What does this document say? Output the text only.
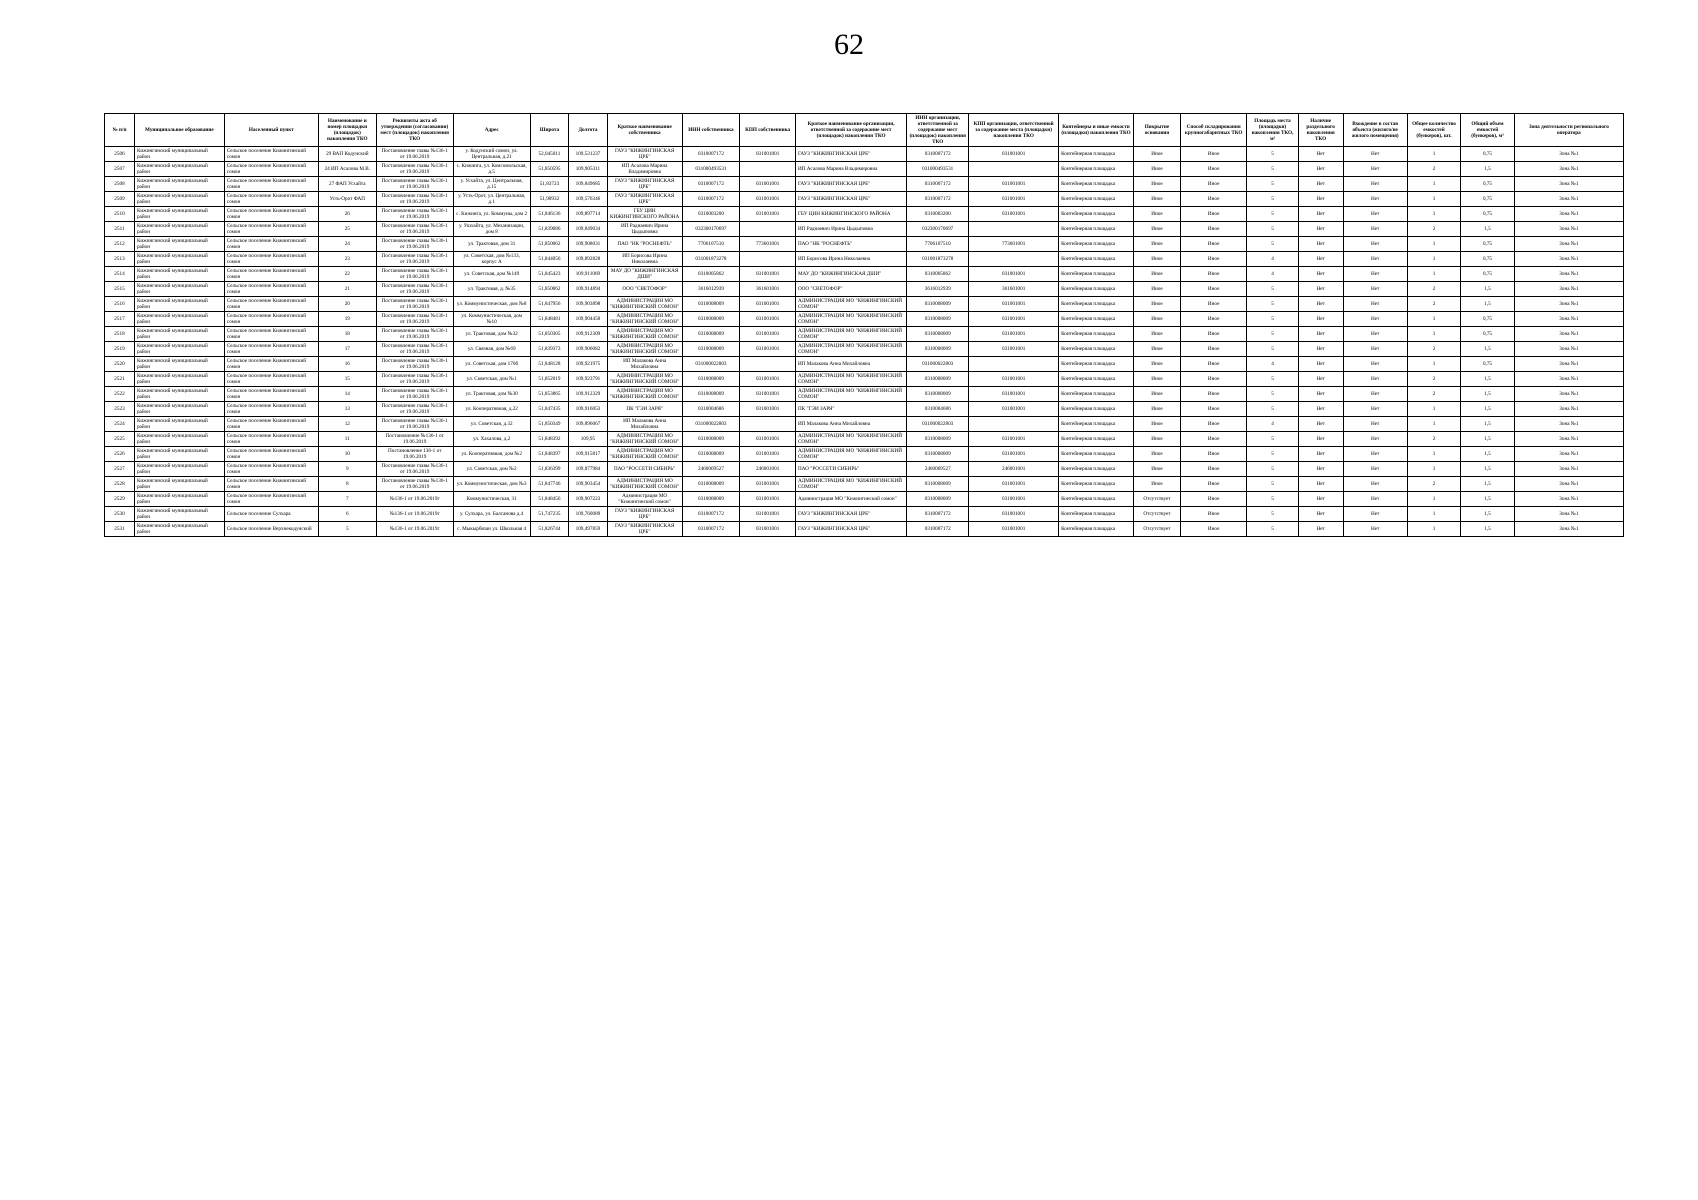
62
№ п/п	Муниципальное образование	Населенный пункт	Наименование и номер площадки (площадок) накопления ТКО	Реквизиты акта об утверждении (согласовании) мест (площадок) накопления ТКО	Адрес	Широта	Долгота	Краткое наименование собственника	ИНН собственника	КПП собственника	Краткое наименование организации, ответственной за содержание мест (площадок) накопления ТКО	ИНН организации, ответственной за содержание мест (площадок) накопления ТКО	КПП организации, ответственной за содержание места (площадки) накопления ТКО	Контейнеры и иные емкости (площадки) накопления ТКО	Покрытие основания	Способ складирования крупногабаритных ТКО	Площадь места (площадки) накопления ТКО, м²	Наличие раздельного накопления ТКО	Вхождение в состав объекта (жилого/не жилого помещения)	Общее количество емкостей (бункеров), шт.	Общий объем емкостей (бункеров), м³	Зона деятельности регионального оператора
2506	Кижингинский муниципальный район	Сельское поселение Кижингинский сомон	29 ВАП Кодунский	Постановление главы №136-1 от 19.06.2019	у. Кодунский сомон, ул. Центральная, д.21	52,045011	109,531237	ГАУЗ "КИЖИНГИНСКАЯ ЦРБ"	0310007172	031001001	ГАУЗ "КИЖИНГИНСКАЯ ЦРБ"	0310007172	031001001	Контейнерная площадка	Иное	Иное	5	Нет	Нет	1	0,75	Зона №1
2507	Кижингинский муниципальный район	Сельское поселение Кижингинский сомон	24 ИП Асалова М.В.	Постановление главы №136-1 от 19.06.2019	с. Кижинга, ул. Комсомольская, д.5	51,850595	109,905311	ИП Асалова Марина Владимировна	031000493531		ИП Асалова Марина Владимировна	031000493531		Контейнерная площадка	Иное	Иное	5	Нет	Нет	2	1,5	Зона №1
2508	Кижингинский муниципальный район	Сельское поселение Кижингинский сомон	27 ФАП Усхайта	Постановление главы №136-1 от 19.06.2019	у. Усхайта, ул. Центральная, д.15	51,83723	109,849685	ГАУЗ "КИЖИНГИНСКАЯ ЦРБ"	0310007172	031001001	ГАУЗ "КИЖИНГИНСКАЯ ЦРБ"	0310007172	031001001	Контейнерная площадка	Иное	Иное	5	Нет	Нет	1	0,75	Зона №1
2509	Кижингинский муниципальный район	Сельское поселение Кижингинский сомон	Усть-Орот ФАП	Постановление главы №136-1 от 19.06.2019	у. Усть-Орот, ул. Центральная, д.1	51,90932	109,576346	ГАУЗ "КИЖИНГИНСКАЯ ЦРБ"	0310007172	031001001	ГАУЗ "КИЖИНГИНСКАЯ ЦРБ"	0310007172	031001001	Контейнерная площадка	Иное	Иное	5	Нет	Нет	1	0,75	Зона №1
2510	Кижингинский муниципальный район	Сельское поселение Кижингинский сомон	26	Постановление главы №136-1 от 19.06.2019	с. Кижинга, ул. Коммуны, дом 2	51,846136	109,897714	ГБУ ЦИН КИЖИНГИНСКОГО РАЙОНА	0310003200	031001001	ГБУ ЦИН КИЖИНГИНСКОГО РАЙОНА	0310003200	031001001	Контейнерная площадка	Иное	Иное	5	Нет	Нет	1	0,75	Зона №1
2511	Кижингинский муниципальный район	Сельское поселение Кижингинский сомон	25	Постановление главы №136-1 от 19.06.2019	у. Ушхайта, ул. Механизации, дом 8	51,839086	109,849034	ИП Раднаевич Ирина Цыдыповна	032300170697		ИП Раднаевич Ирина Цыдыповна	032300170697		Контейнерная площадка	Иное	Иное	5	Нет	Нет	2	1,5	Зона №1
2512	Кижингинский муниципальный район	Сельское поселение Кижингинский сомон	24	Постановление главы №136-1 от 19.06.2019	ул. Трактовая, дом 31	51,850062	109,908031	ПАО "НК "РОСНЕФТЬ"	7706107510	773601001	ПАО "НК "РОСНЕФТЬ"	7706107510	773601001	Контейнерная площадка	Иное	Иное	5	Нет	Нет	1	0,75	Зона №1
2513	Кижингинский муниципальный район	Сельское поселение Кижингинский сомон	23	Постановление главы №136-1 от 19.06.2019	ул. Советская, дом №133, корпус А	51,844056	109,892828	ИП Борисова Ирина Николаевна	031001873278		ИП Борисова Ирина Николаевна	031001873278		Контейнерная площадка	Иное	Иное	4	Нет	Нет	1	0,75	Зона №1
2514	Кижингинский муниципальный район	Сельское поселение Кижингинский сомон	22	Постановление главы №136-1 от 19.06.2019	ул. Советская, дом №149	51,845423	109,911069	МАУ ДО "КИЖИНГИНСКАЯ ДШИ"	0310005862	031001001	МАУ ДО "КИЖИНГИНСКАЯ ДШИ"	0310005862	031001001	Контейнерная площадка	Иное	Иное	4	Нет	Нет	1	0,75	Зона №1
2515	Кижингинский муниципальный район	Сельское поселение Кижингинский сомон	21	Постановление главы №136-1 от 19.06.2019	ул. Трактовая, д. №35	51,850062	109,914894	ООО "СВЕТОФОР"	3616012939	361601001	ООО "СВЕТОФОР"	3616012939	361601001	Контейнерная площадка	Иное	Иное	5	Нет	Нет	2	1,5	Зона №1
2516	Кижингинский муниципальный район	Сельское поселение Кижингинский сомон	20	Постановление главы №136-1 от 19.06.2019	ул. Коммунистическая, дом №8	51,847956	109,903898	АДМИНИСТРАЦИЯ МО "КИЖИНГИНСКИЙ СОМОН"	0310008009	031001001	АДМИНИСТРАЦИЯ МО "КИЖИНГИНСКИЙ СОМОН"	0310008009	031001001	Контейнерная площадка	Иное	Иное	5	Нет	Нет	2	1,5	Зона №1
2517	Кижингинский муниципальный район	Сельское поселение Кижингинский сомон	19	Постановление главы №136-1 от 19.06.2019	ул. Коммунистическая, дом №10	51,848481	109,904458	АДМИНИСТРАЦИЯ МО "КИЖИНГИНСКИЙ СОМОН"	0310008009	031001001	АДМИНИСТРАЦИЯ МО "КИЖИНГИНСКИЙ СОМОН"	0310008009	031001001	Контейнерная площадка	Иное	Иное	5	Нет	Нет	1	0,75	Зона №1
2518	Кижингинский муниципальный район	Сельское поселение Кижингинский сомон	18	Постановление главы №136-1 от 19.06.2019	ул. Трактовая, дом №32	51,850305	109,912309	АДМИНИСТРАЦИЯ МО "КИЖИНГИНСКИЙ СОМОН"	0310008009	031001001	АДМИНИСТРАЦИЯ МО "КИЖИНГИНСКИЙ СОМОН"	0310008009	031001001	Контейнерная площадка	Иное	Иное	5	Нет	Нет	1	0,75	Зона №1
2519	Кижингинский муниципальный район	Сельское поселение Кижингинский сомон	17	Постановление главы №136-1 от 19.06.2019	ул. Связная, дом №69	51,839373	109,906082	АДМИНИСТРАЦИЯ МО "КИЖИНГИНСКИЙ СОМОН"	0310008009	031001001	АДМИНИСТРАЦИЯ МО "КИЖИНГИНСКИЙ СОМОН"	0310008009	031001001	Контейнерная площадка	Иное	Иное	5	Нет	Нет	2	1,5	Зона №1
2520	Кижингинский муниципальный район	Сельское поселение Кижингинский сомон	16	Постановление главы №136-1 от 19.06.2019	ул. Советская, дом 170б	51,848128	109,921975	ИП Малакова Анна Михайловна	031000022803		ИП Малакова Анна Михайловна	031000022803		Контейнерная площадка	Иное	Иное	4	Нет	Нет	1	0,75	Зона №1
2521	Кижингинский муниципальный район	Сельское поселение Кижингинский сомон	15	Постановление главы №136-1 от 19.06.2019	ул. Советская, дом №1	51,852019	109,923791	АДМИНИСТРАЦИЯ МО "КИЖИНГИНСКИЙ СОМОН"	0310008009	031001001	АДМИНИСТРАЦИЯ МО "КИЖИНГИНСКИЙ СОМОН"	0310008009	031001001	Контейнерная площадка	Иное	Иное	5	Нет	Нет	2	1,5	Зона №1
2522	Кижингинский муниципальный район	Сельское поселение Кижингинский сомон	14	Постановление главы №136-1 от 19.06.2019	ул. Трактовая, дом №30	51,853865	109,912329	АДМИНИСТРАЦИЯ МО "КИЖИНГИНСКИЙ СОМОН"	0310008009	031001001	АДМИНИСТРАЦИЯ МО "КИЖИНГИНСКИЙ СОМОН"	0310008009	031001001	Контейнерная площадка	Иное	Иное	5	Нет	Нет	2	1,5	Зона №1
2523	Кижингинский муниципальный район	Сельское поселение Кижингинский сомон	13	Постановление главы №136-1 от 19.06.2019	ул. Кооперативная, д.22	51,847435	109,916053	ПК "ГЭИ ЗАРЯ"	0310004686	031001001	ПК "ГЭИ ЗАРЯ"	0310004686	031001001	Контейнерная площадка	Иное	Иное	5	Нет	Нет	1	1,5	Зона №1
2524	Кижингинский муниципальный район	Сельское поселение Кижингинский сомон	12	Постановление главы №136-1 от 19.06.2019	ул. Советская, д.32	51,850349	109,896067	ИП Малакова Анна Михайловна	031000022803		ИП Малакова Анна Михайловна	031000022803		Контейнерная площадка	Иное	Иное	4	Нет	Нет	1	1,5	Зона №1
2525	Кижингинский муниципальный район	Сельское поселение Кижингинский сомон	11	Постановление №136-1 от 19.06.2019	ул. Хахалова, д.2	51,848392	109,95	АДМИНИСТРАЦИЯ МО "КИЖИНГИНСКИЙ СОМОН"	0310008009	031001001	АДМИНИСТРАЦИЯ МО "КИЖИНГИНСКИЙ СОМОН"	0310008009	031001001	Контейнерная площадка	Иное	Иное	5	Нет	Нет	2	1,5	Зона №1
2526	Кижингинский муниципальный район	Сельское поселение Кижингинский сомон	10	Постановление 136-1 от 19.06.2019	ул. Кооперативная, дом №2	51,848397	109,915817	АДМИНИСТРАЦИЯ МО "КИЖИНГИНСКИЙ СОМОН"	0310008009	031001001	АДМИНИСТРАЦИЯ МО "КИЖИНГИНСКИЙ СОМОН"	0310008009	031001001	Контейнерная площадка	Иное	Иное	5	Нет	Нет	1	1,5	Зона №1
2527	Кижингинский муниципальный район	Сельское поселение Кижингинский сомон	9	Постановление главы №136-1 от 19.06.2019	ул. Советская, дом №2	51,836399	109,877984	ПАО "РОССЕТИ СИБИРЬ"	2460069527	246001001	ПАО "РОССЕТИ СИБИРЬ"	2460069527	246001001	Контейнерная площадка	Иное	Иное	5	Нет	Нет	1	1,5	Зона №1
2528	Кижингинский муниципальный район	Сельское поселение Кижингинский сомон	8	Постановление главы №136-1 от 19.06.2019	ул. Коммунистическая, дом №3	51,847746	109,903454	АДМИНИСТРАЦИЯ МО "КИЖИНГИНСКИЙ СОМОН"	0310008009	031001001	АДМИНИСТРАЦИЯ МО "КИЖИНГИНСКИЙ СОМОН"	0310008009	031001001	Контейнерная площадка	Иное	Иное	5	Нет	Нет	2	1,5	Зона №1
2529	Кижингинский муниципальный район	Сельское поселение Кижингинский сомон	7	№136-1 от 19.06.2019г	Коммунистическая, 31	51,848456	109,907223	Администрация МО "Кижингинский сомон"	0310008009	031001001	Администрация МО "Кижингинский сомон"	0310008009	031001001	Контейнерная площадка	Отсутствует	Иное	5	Нет	Нет	1	1,5	Зона №1
2530	Кижингинский муниципальный район	Сельское поселение Сулхара	6	№136-1 от 19.06.2019г	у. Сулхара, ул. Балсанова д.4	51,747235	109,760089	ГАУЗ "КИЖИНГИНСКАЯ ЦРБ"	0310007172	031001001	ГАУЗ "КИЖИНГИНСКАЯ ЦРБ"	0310007172	031001001	Контейнерная площадка	Отсутствует	Иное	5	Нет	Нет	1	1,5	Зона №1
2531	Кижингинский муниципальный район	Сельское поселение Верхнекодунский	5	№136-1 от 19.06.2019г	с. Мыкырбязан ул. Школьная 4	51,826744	109,497859	ГАУЗ "КИЖИНГИНСКАЯ ЦРБ"	0310007172	031001001	ГАУЗ "КИЖИНГИНСКАЯ ЦРБ"	0310007172	031001001	Контейнерная площадка	Отсутствует	Иное	5	Нет	Нет	1	1,5	Зона №1
